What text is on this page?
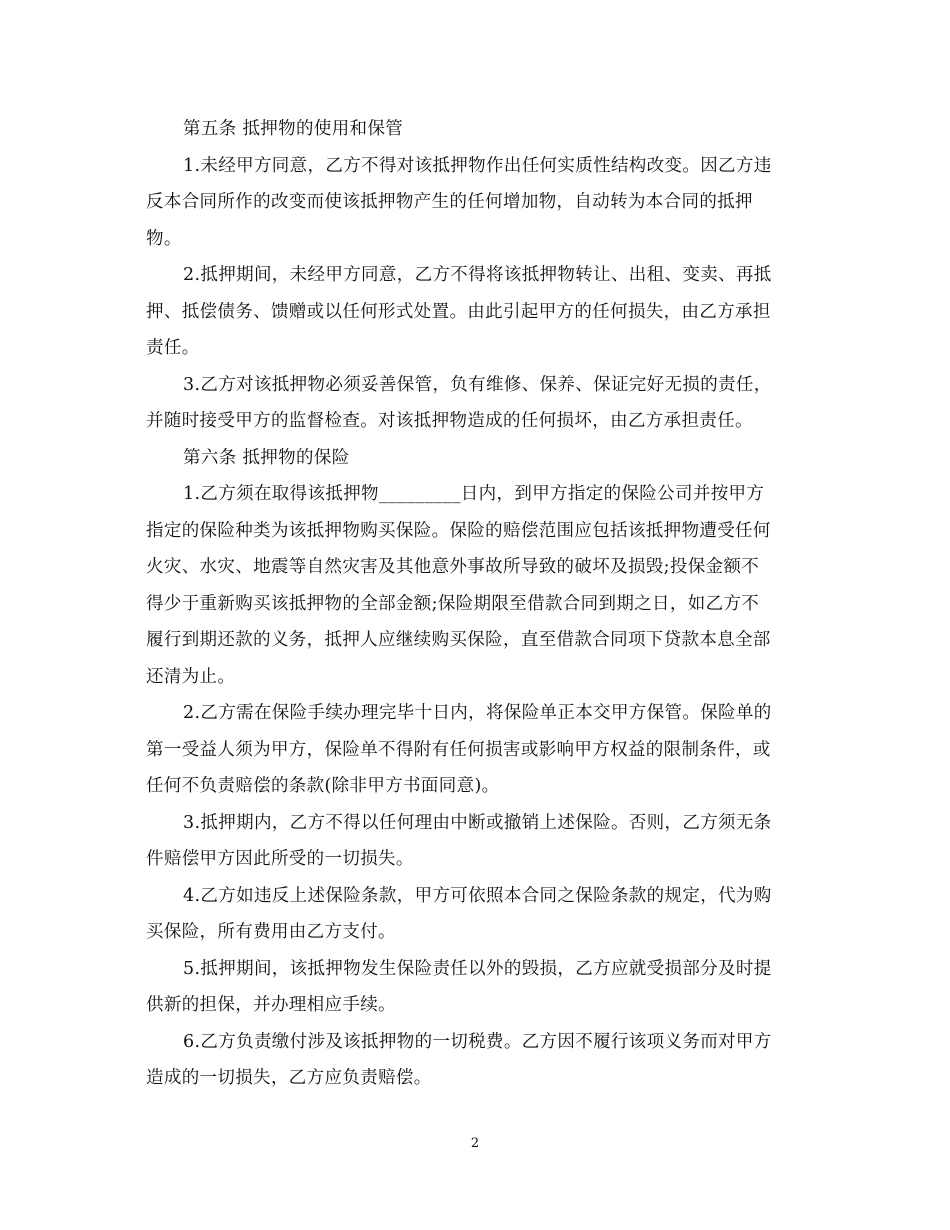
第五条 抵押物的使用和保管
1.未经甲方同意，乙方不得对该抵押物作出任何实质性结构改变。因乙方违
反本合同所作的改变而使该抵押物产生的任何增加物，自动转为本合同的抵押
物。
2.抵押期间，未经甲方同意，乙方不得将该抵押物转让、出租、变卖、再抵
押、抵偿债务、馈赠或以任何形式处置。由此引起甲方的任何损失，由乙方承担
责任。
3.乙方对该抵押物必须妥善保管，负有维修、保养、保证完好无损的责任，
并随时接受甲方的监督检查。对该抵押物造成的任何损坏，由乙方承担责任。
第六条 抵押物的保险
1.乙方须在取得该抵押物_________日内，到甲方指定的保险公司并按甲方
指定的保险种类为该抵押物购买保险。保险的赔偿范围应包括该抵押物遭受任何
火灾、水灾、地震等自然灾害及其他意外事故所导致的破坏及损毁;投保金额不
得少于重新购买该抵押物的全部金额;保险期限至借款合同到期之日，如乙方不
履行到期还款的义务，抵押人应继续购买保险，直至借款合同项下贷款本息全部
还清为止。
2.乙方需在保险手续办理完毕十日内，将保险单正本交甲方保管。保险单的
第一受益人须为甲方，保险单不得附有任何损害或影响甲方权益的限制条件，或
任何不负责赔偿的条款(除非甲方书面同意)。
3.抵押期内，乙方不得以任何理由中断或撤销上述保险。否则，乙方须无条
件赔偿甲方因此所受的一切损失。
4.乙方如违反上述保险条款，甲方可依照本合同之保险条款的规定，代为购
买保险，所有费用由乙方支付。
5.抵押期间，该抵押物发生保险责任以外的毁损，乙方应就受损部分及时提
供新的担保，并办理相应手续。
6.乙方负责缴付涉及该抵押物的一切税费。乙方因不履行该项义务而对甲方
造成的一切损失，乙方应负责赔偿。
2
